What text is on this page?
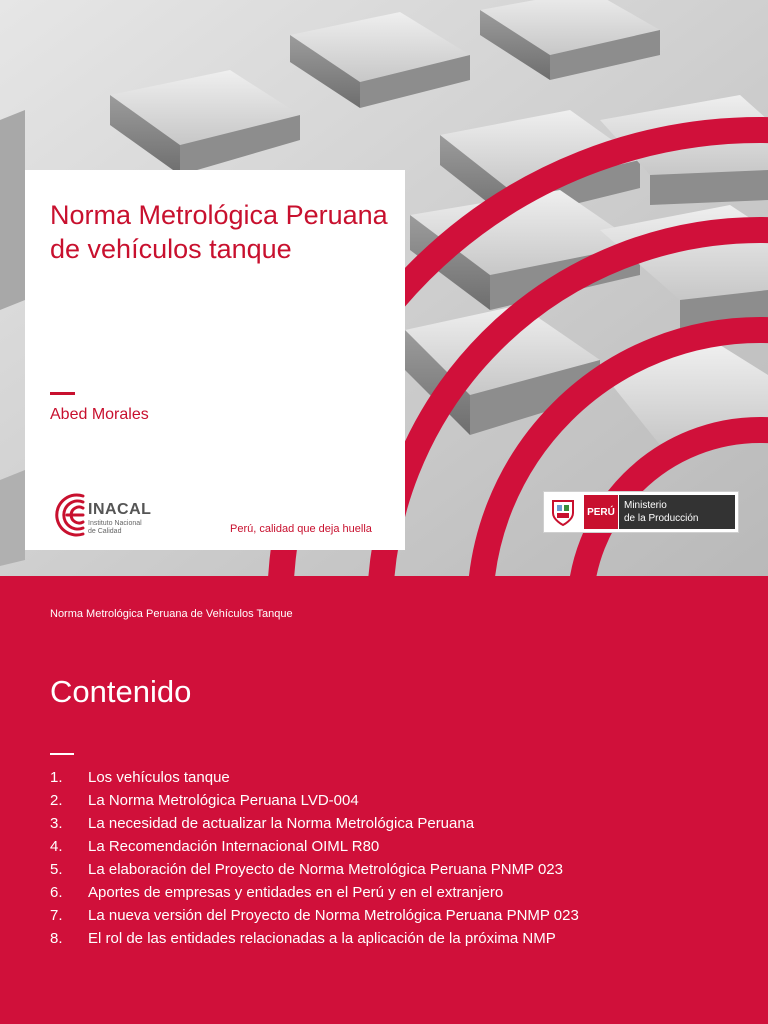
Norma Metrológica Peruana de vehículos tanque
Abed Morales
INACAL
Instituto Nacional
de Calidad	Perú, calidad que deja huella
PERÚ
Ministerio
de la Producción
Norma Metrológica Peruana de Vehículos Tanque
Contenido
1. Los vehículos tanque
2. La Norma Metrológica Peruana LVD-004
3. La necesidad de actualizar la Norma Metrológica Peruana
4. La Recomendación Internacional OIML R80
5. La elaboración del Proyecto de Norma Metrológica Peruana PNMP 023
6. Aportes de empresas y entidades en el Perú y en el extranjero
7. La nueva versión del Proyecto de Norma Metrológica Peruana PNMP 023
8. El rol de las entidades relacionadas a la aplicación de la próxima NMP
